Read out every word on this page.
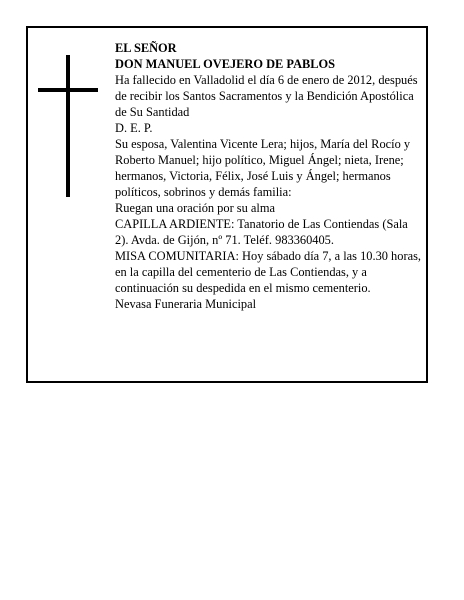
EL SEÑOR

DON MANUEL OVEJERO DE PABLOS

Ha fallecido en Valladolid el día 6 de enero de 2012, después de recibir los Santos Sacramentos y la Bendición Apostólica de Su Santidad

D. E. P.

Su esposa, Valentina Vicente Lera; hijos, María del Rocío y Roberto Manuel; hijo político, Miguel Ángel; nieta, Irene; hermanos, Victoria, Félix, José Luis y Ángel; hermanos políticos, sobrinos y demás familia:

Ruegan una oración por su alma

CAPILLA ARDIENTE: Tanatorio de Las Contiendas (Sala 2). Avda. de Gijón, nº 71. Teléf. 983360405.

MISA COMUNITARIA: Hoy sábado día 7, a las 10.30 horas, en la capilla del cementerio de Las Contiendas, y a continuación su despedida en el mismo cementerio.

Nevasa Funeraria Municipal
